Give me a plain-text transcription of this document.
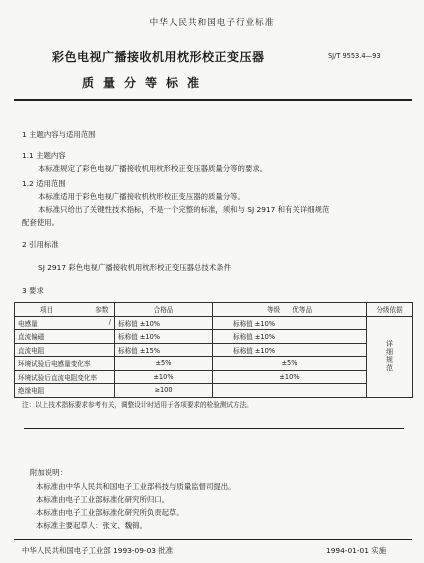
中华人民共和国电子行业标准
彩色电视广播接收机用枕形校正变压器	SJ/T 9553.4—93
质量分等标准
1 主题内容与适用范围
1.1 主题内容
本标准规定了彩色电视广播接收机用枕形校正变压器质量分等的要求。
1.2 适用范围
本标准适用于彩色电视广播接收机枕形校正变压器的质量分等。
本标准只给出了关键性技术指标，不是一个完整的标准，须和与 SJ 2917 和有关详细规范
配套使用。
2 引用标准
SJ 2917 彩色电视广播接收机用枕形校正变压器总技术条件
3 要求
项目 参数	合格品	等级 优等品	分级依据
电感量 /	标称值 ±10%	标称值 ±10%	详细规范
直流偏磁	标称值 ±10%	标称值 ±10%	
直流电阻	标称值 ±15%	标称值 ±10%	
环境试验后电感量变化率	±5%	±5%	
环境试验后直流电阻变化率	±10%	±10%	
绝缘电阻	≥100		
注：以上技术指标要求参考有关，调整设计时适用于各项要求的检验测试方法。
附加说明：
本标准由中华人民共和国电子工业部科技与质量监督司提出。
本标准由电子工业部标准化研究所归口。
本标准由电子工业部标准化研究所负责起草。
本标准主要起草人：张文、魏锦。
中华人民共和国电子工业部 1993-09-03 批准	1994-01-01 实施
